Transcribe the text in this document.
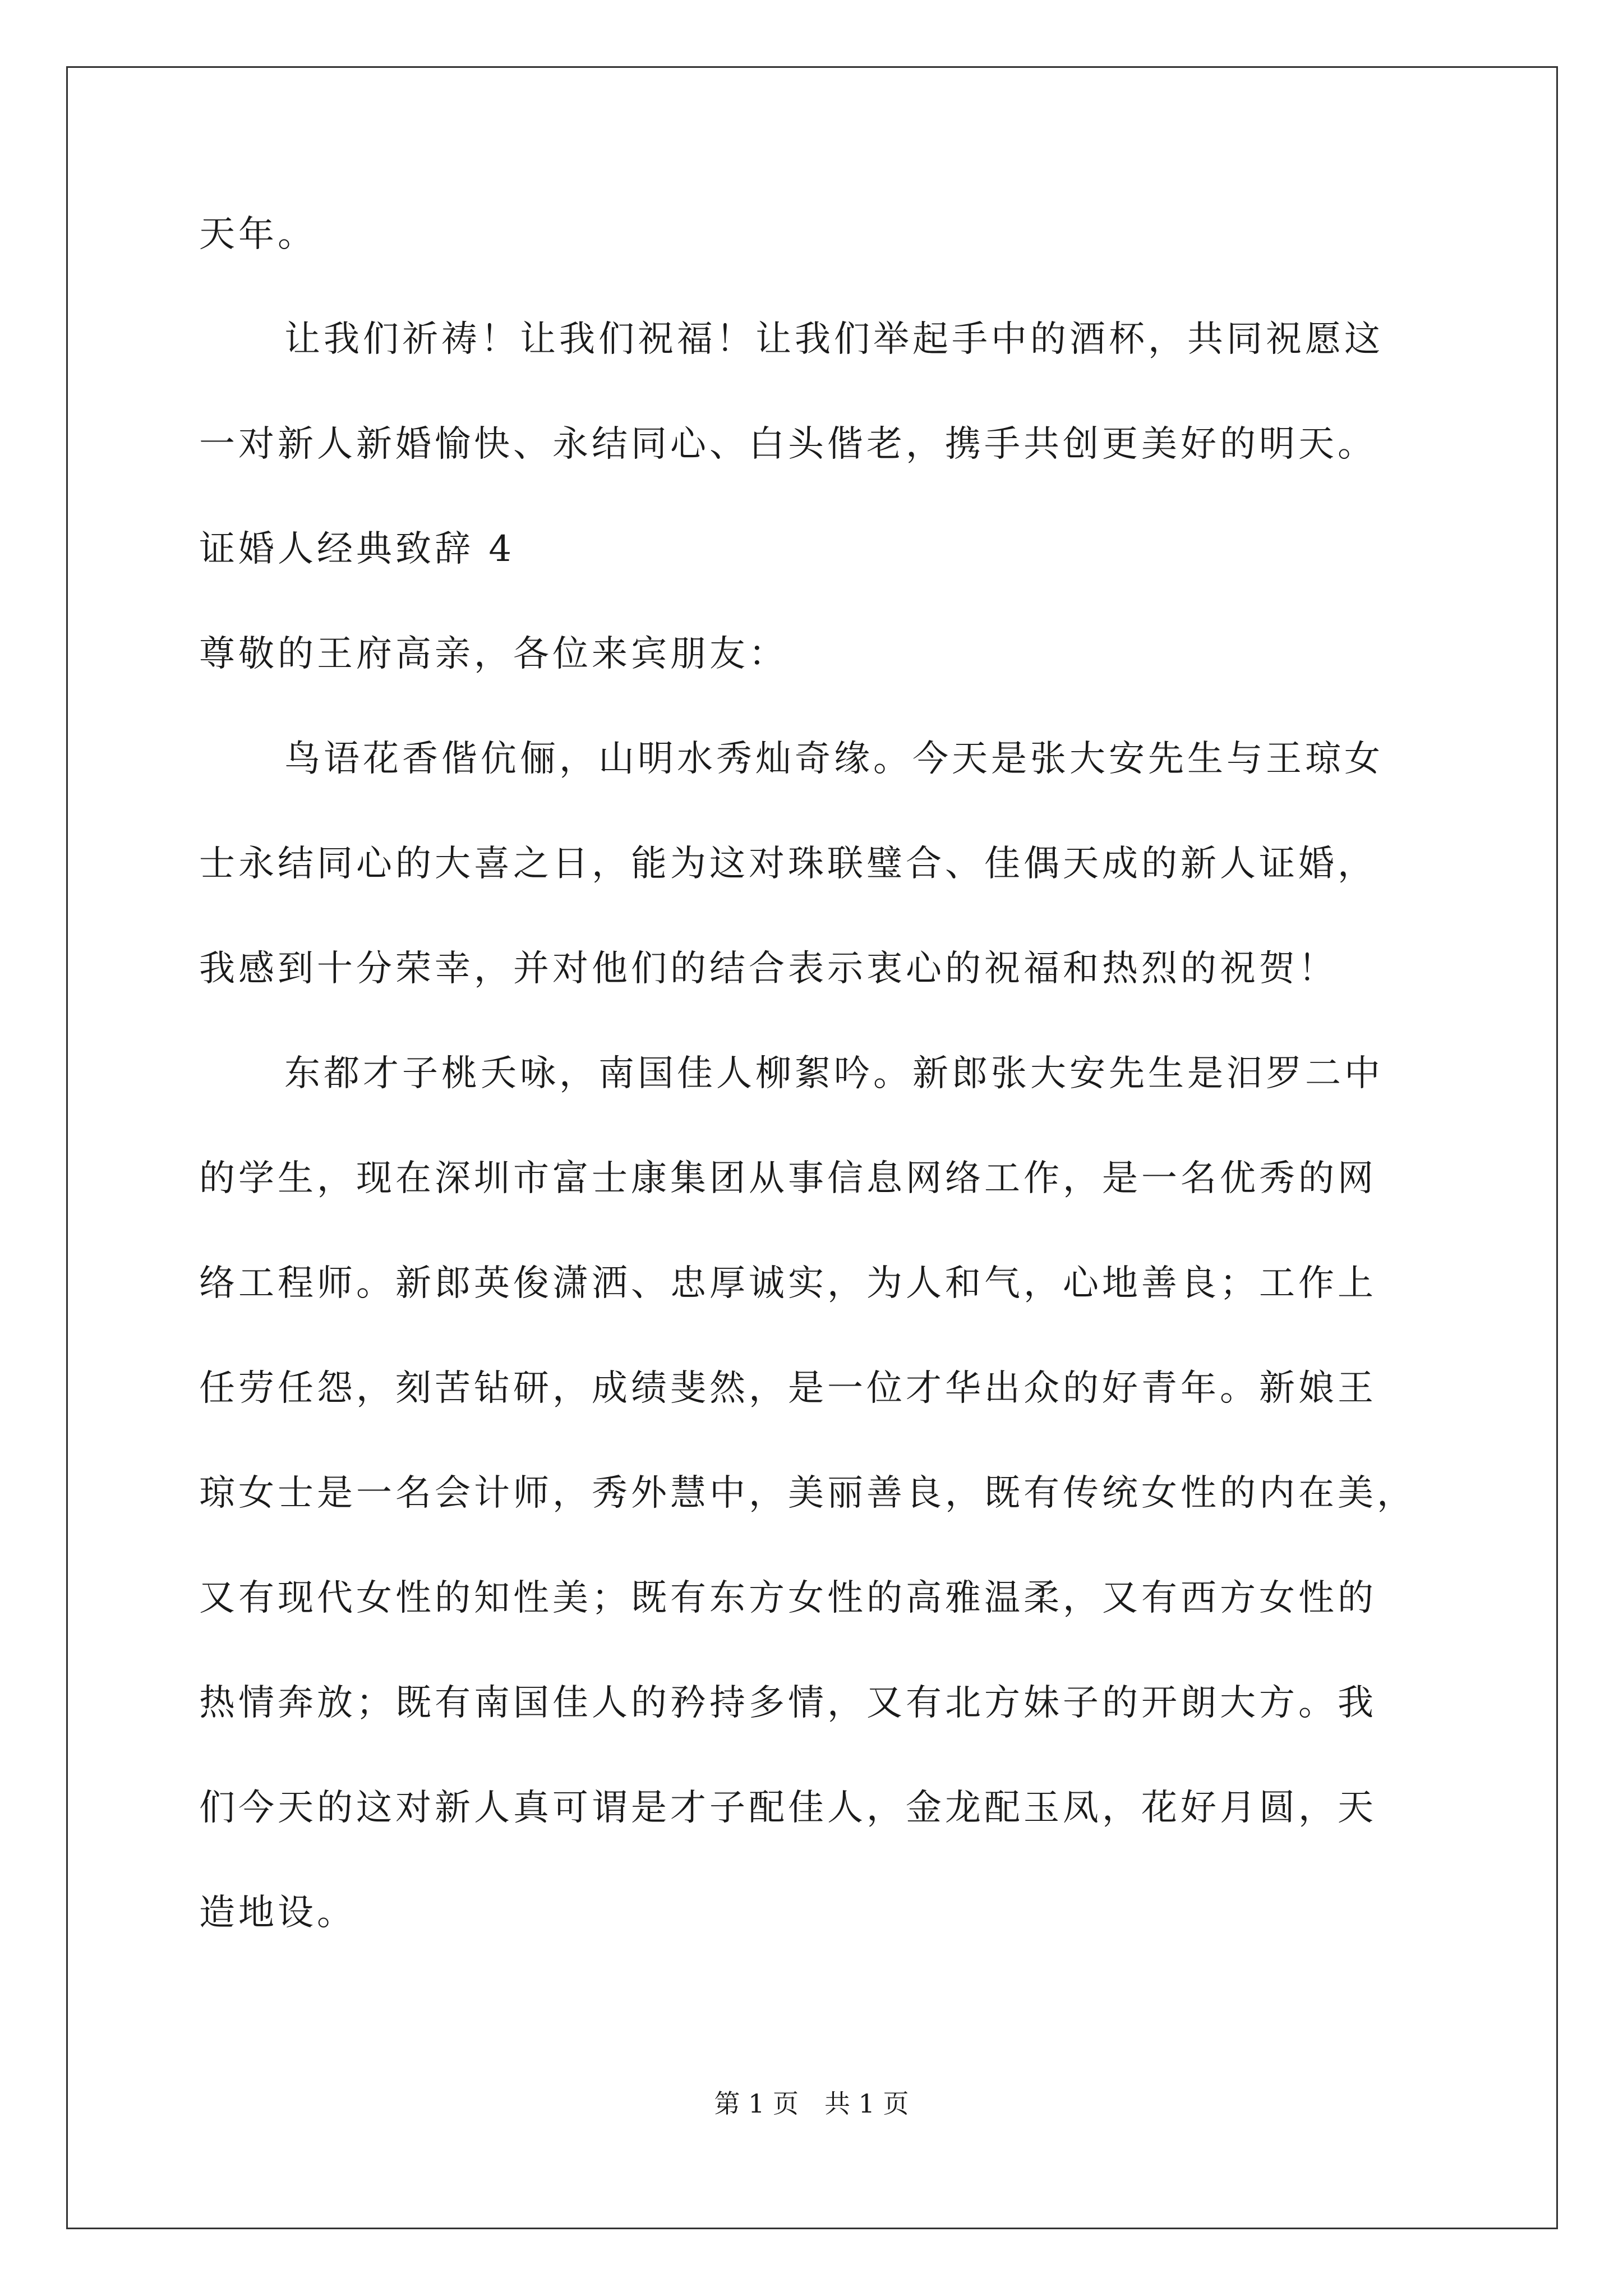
天年。
让我们祈祷！让我们祝福！让我们举起手中的酒杯，共同祝愿这
一对新人新婚愉快、永结同心、白头偕老，携手共创更美好的明天。
证婚人经典致辞 4
尊敬的王府高亲，各位来宾朋友：
鸟语花香偕伉俪，山明水秀灿奇缘。今天是张大安先生与王琼女
士永结同心的大喜之日，能为这对珠联璧合、佳偶天成的新人证婚，
我感到十分荣幸，并对他们的结合表示衷心的祝福和热烈的祝贺！
东都才子桃夭咏，南国佳人柳絮吟。新郎张大安先生是汨罗二中
的学生，现在深圳市富士康集团从事信息网络工作，是一名优秀的网
络工程师。新郎英俊潇洒、忠厚诚实，为人和气，心地善良；工作上
任劳任怨，刻苦钻研，成绩斐然，是一位才华出众的好青年。新娘王
琼女士是一名会计师，秀外慧中，美丽善良，既有传统女性的内在美，
又有现代女性的知性美；既有东方女性的高雅温柔，又有西方女性的
热情奔放；既有南国佳人的矜持多情，又有北方妹子的开朗大方。我
们今天的这对新人真可谓是才子配佳人，金龙配玉凤，花好月圆，天
造地设。
第 1 页　共 1 页
